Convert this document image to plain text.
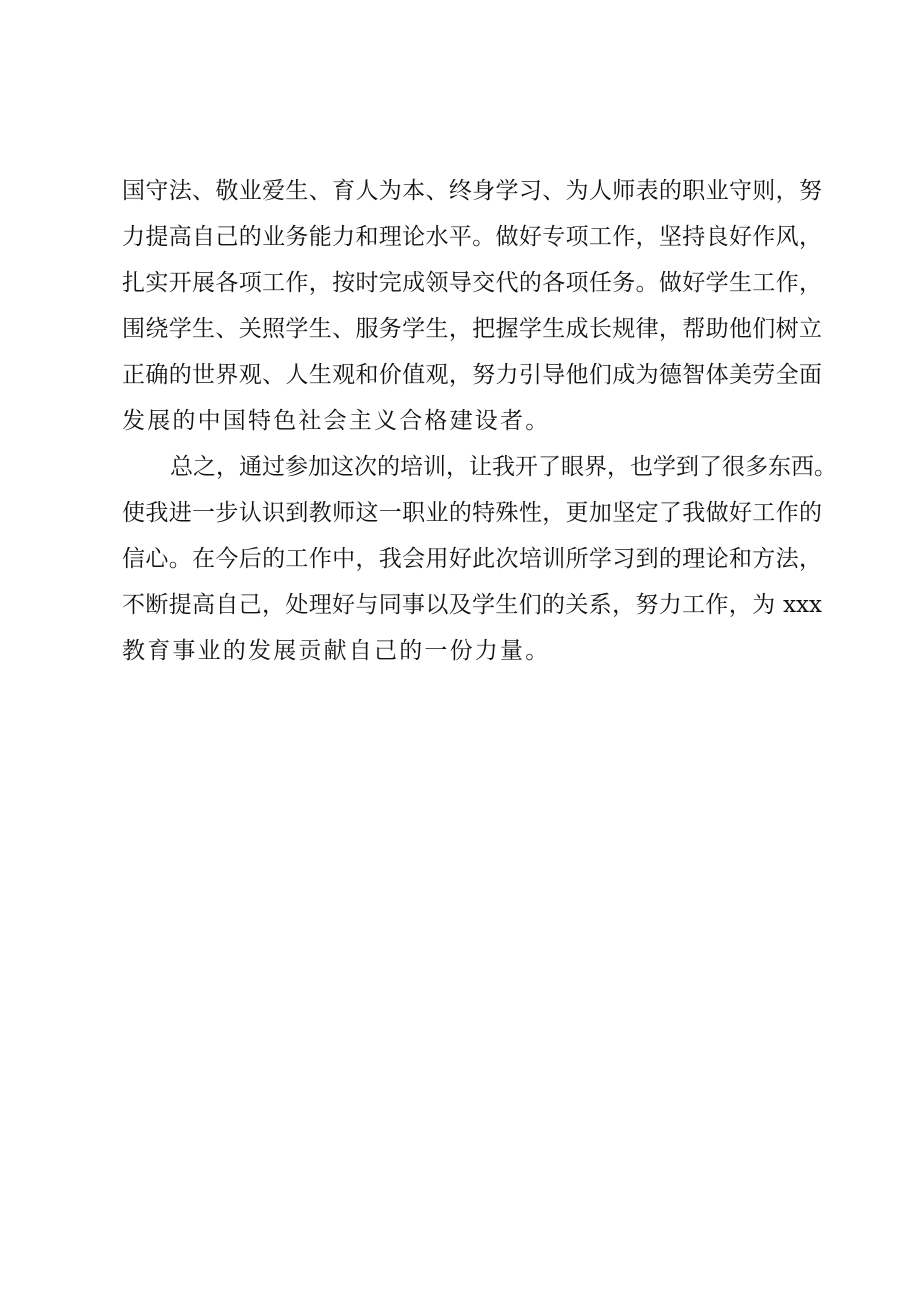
国守法、敬业爱生、育人为本、终身学习、为人师表的职业守则，努
力提高自己的业务能力和理论水平。做好专项工作，坚持良好作风，
扎实开展各项工作，按时完成领导交代的各项任务。做好学生工作，
围绕学生、关照学生、服务学生，把握学生成长规律，帮助他们树立
正确的世界观、人生观和价值观，努力引导他们成为德智体美劳全面
发展的中国特色社会主义合格建设者。
总之，通过参加这次的培训，让我开了眼界，也学到了很多东西。
使我进一步认识到教师这一职业的特殊性，更加坚定了我做好工作的
信心。在今后的工作中，我会用好此次培训所学习到的理论和方法，
不断提高自己，处理好与同事以及学生们的关系，努力工作，为 xxx
教育事业的发展贡献自己的一份力量。
